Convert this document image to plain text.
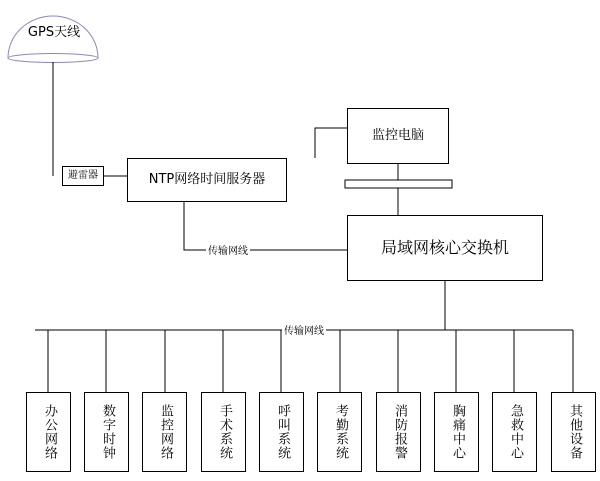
GPS天线
避雷器	NTP网络时间服务器
监控电脑
局域网核心交换机
传输网线
传输网线
办公网络	数字时钟	监控网络	手术系统	呼叫系统	考勤系统	消防报警	胸痛中心	急救中心	其他设备
